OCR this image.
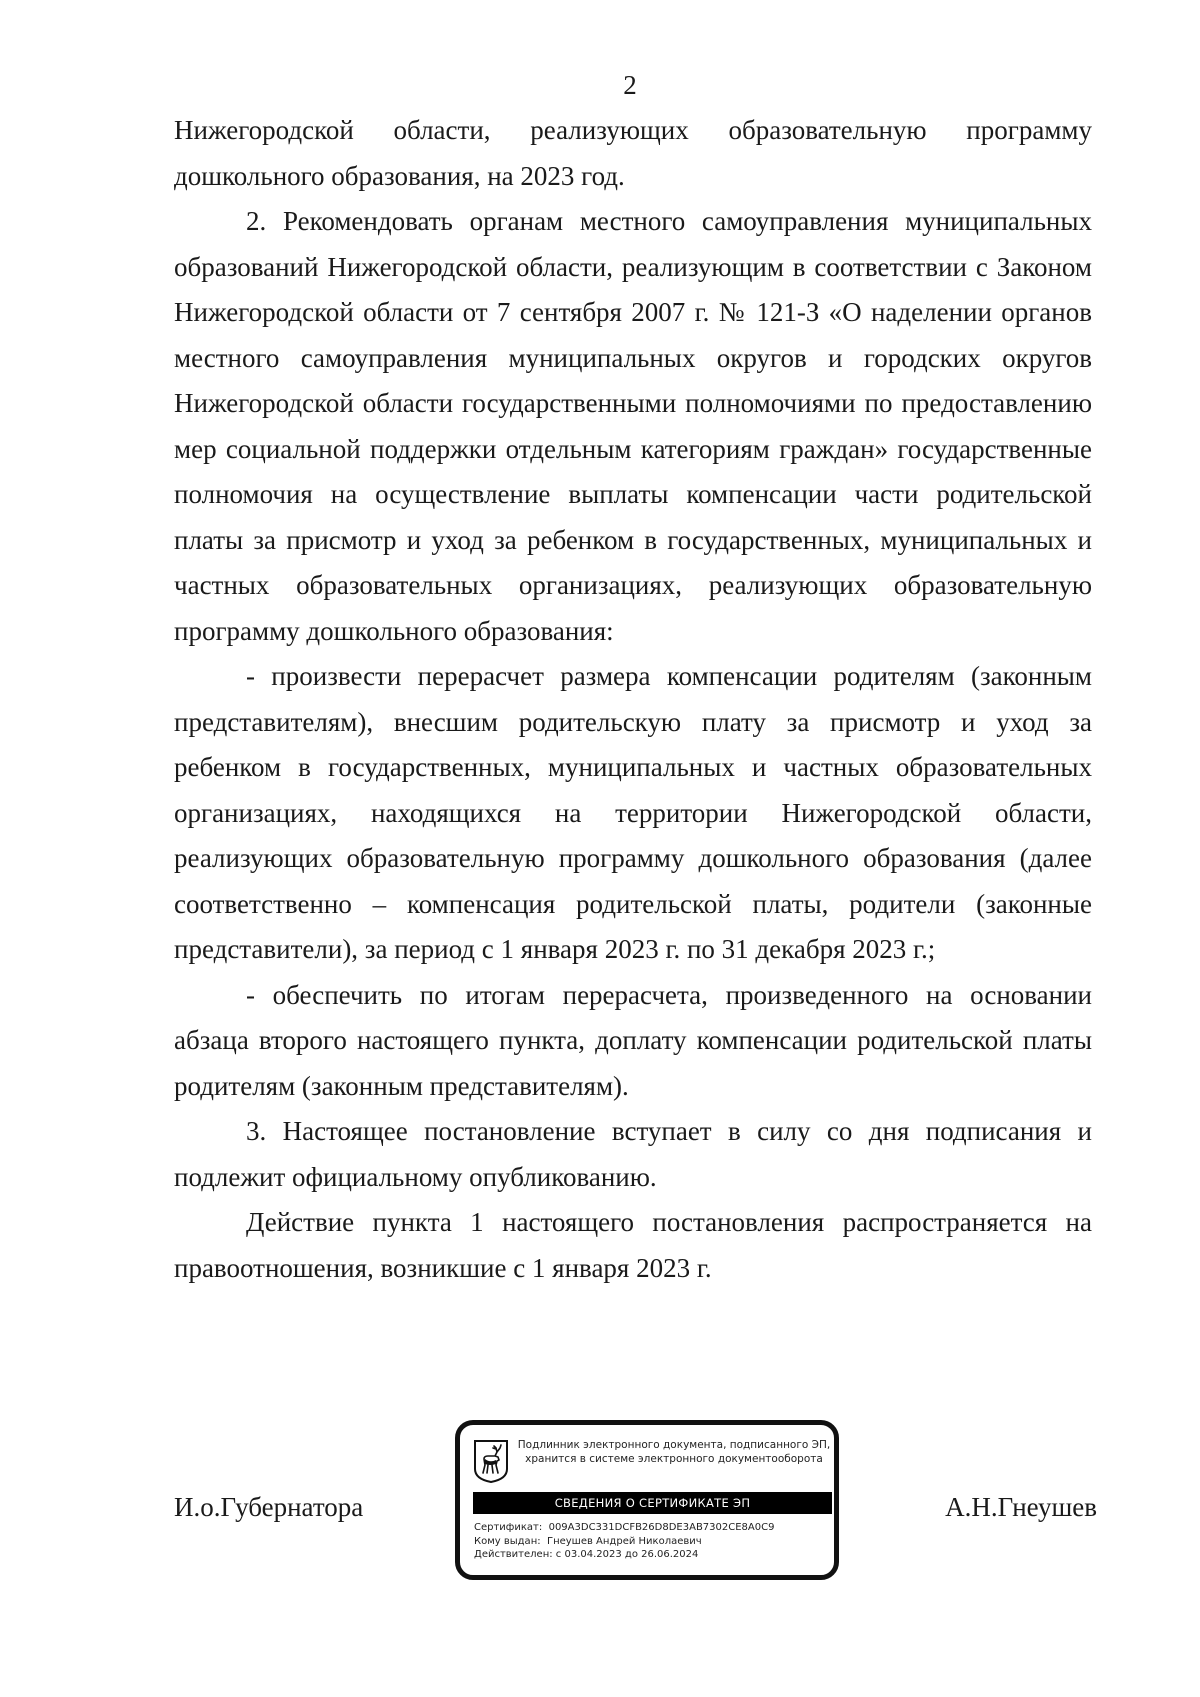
2

Нижегородской области, реализующих образовательную программу дошкольного образования, на 2023 год.

2. Рекомендовать органам местного самоуправления муниципальных образований Нижегородской области, реализующим в соответствии с Законом Нижегородской области от 7 сентября 2007 г. № 121-З «О наделении органов местного самоуправления муниципальных округов и городских округов Нижегородской области государственными полномочиями по предоставлению мер социальной поддержки отдельным категориям граждан» государственные полномочия на осуществление выплаты компенсации части родительской платы за присмотр и уход за ребенком в государственных, муниципальных и частных образовательных организациях, реализующих образовательную программу дошкольного образования:

- произвести перерасчет размера компенсации родителям (законным представителям), внесшим родительскую плату за присмотр и уход за ребенком в государственных, муниципальных и частных образовательных организациях, находящихся на территории Нижегородской области, реализующих образовательную программу дошкольного образования (далее соответственно – компенсация родительской платы, родители (законные представители), за период с 1 января 2023 г. по 31 декабря 2023 г.;

- обеспечить по итогам перерасчета, произведенного на основании абзаца второго настоящего пункта, доплату компенсации родительской платы родителям (законным представителям).

3. Настоящее постановление вступает в силу со дня подписания и подлежит официальному опубликованию.

Действие пункта 1 настоящего постановления распространяется на правоотношения, возникшие с 1 января 2023 г.

И.о.Губернатора	А.Н.Гнеушев
Подлинник электронного документа, подписанного ЭП,
хранится в системе электронного документооборота
СВЕДЕНИЯ О СЕРТИФИКАТЕ ЭП
Сертификат: 009A3DC331DCFB26D8DE3AB7302CE8A0C9
Кому выдан: Гнеушев Андрей Николаевич
Действителен: с 03.04.2023 до 26.06.2024
